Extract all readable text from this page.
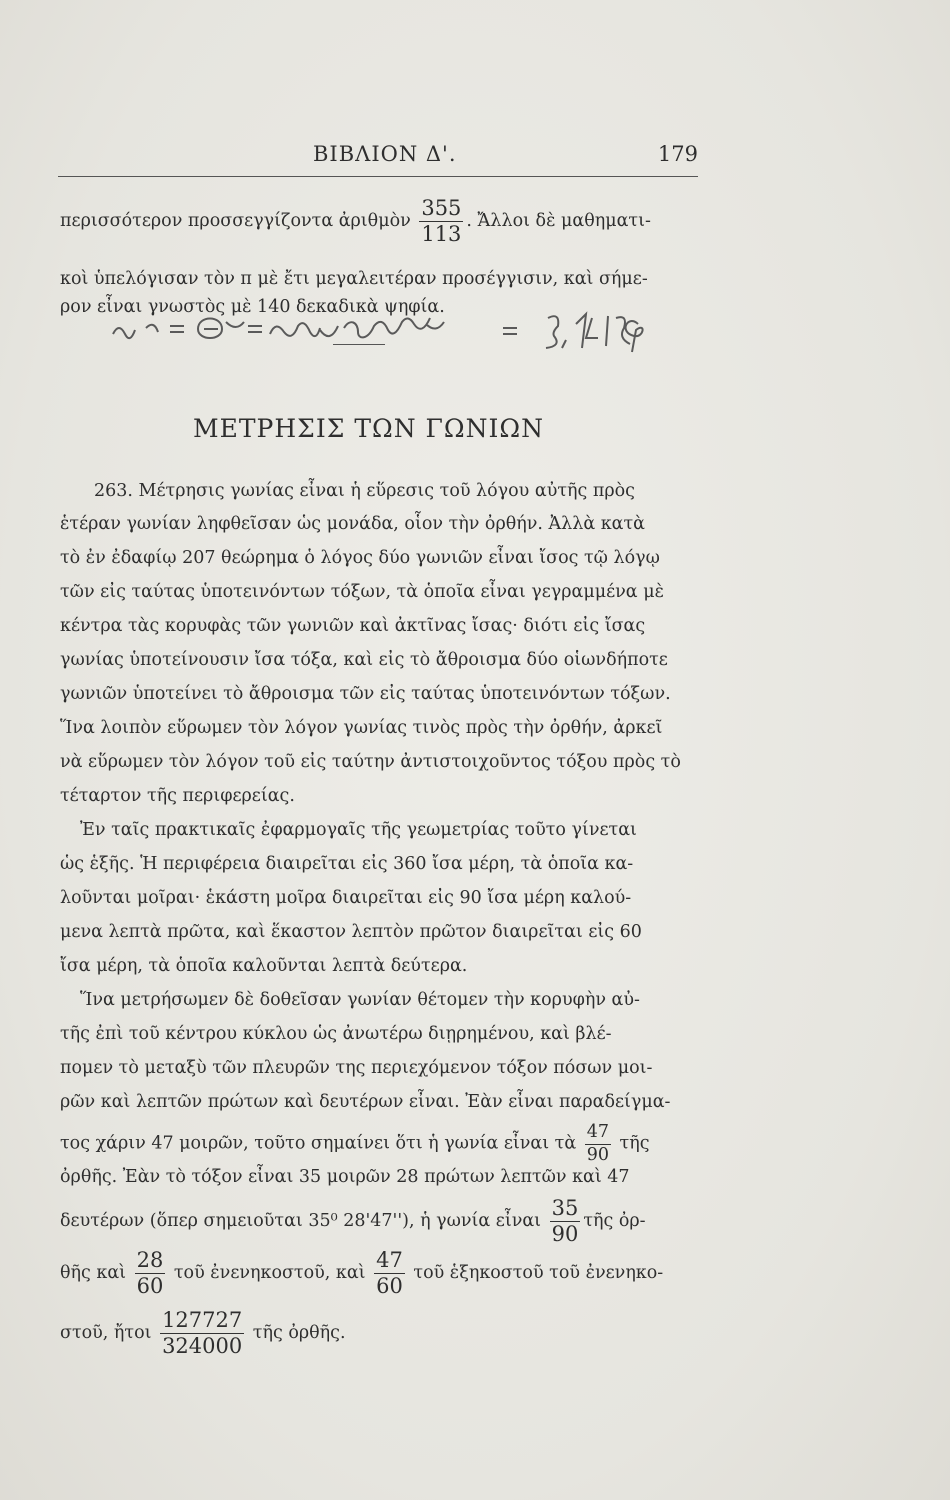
ΒΙΒΛΙΟΝ Δ'.	179
περισσότερον προσσεγγίζοντα ἀριθμὸν $\frac{355}{113}$ . Ἄλλοι δὲ μαθηματι-
κοὶ ὑπελόγισαν τὸν π μὲ ἔτι μεγαλειτέραν προσέγγισιν, καὶ σήμε-
ρον εἶναι γνωστὸς μὲ 140 δεκαδικὰ ψηφία.
ΜΕΤΡΗΣΙΣ ΤΩΝ ΓΩΝΙΩΝ
263. Μέτρησις γωνίας εἶναι ἡ εὕρεσις τοῦ λόγου αὐτῆς πρὸς
ἑτέραν γωνίαν ληφθεῖσαν ὡς μονάδα, οἷον τὴν ὀρθήν. Ἀλλὰ κατὰ
τὸ ἐν ἐδαφίῳ 207 θεώρημα ὁ λόγος δύο γωνιῶν εἶναι ἴσος τῷ λόγῳ
τῶν εἰς ταύτας ὑποτεινόντων τόξων, τὰ ὁποῖα εἶναι γεγραμμένα μὲ
κέντρα τὰς κορυφὰς τῶν γωνιῶν καὶ ἀκτῖνας ἴσας· διότι εἰς ἴσας
γωνίας ὑποτείνουσιν ἴσα τόξα, καὶ εἰς τὸ ἄθροισμα δύο οἱωνδήποτε
γωνιῶν ὑποτείνει τὸ ἄθροισμα τῶν εἰς ταύτας ὑποτεινόντων τόξων.
Ἵνα λοιπὸν εὕρωμεν τὸν λόγον γωνίας τινὸς πρὸς τὴν ὀρθήν, ἀρκεῖ
νὰ εὕρωμεν τὸν λόγον τοῦ εἰς ταύτην ἀντιστοιχοῦντος τόξου πρὸς τὸ
τέταρτον τῆς περιφερείας.
Ἐν ταῖς πρακτικαῖς ἐφαρμογαῖς τῆς γεωμετρίας τοῦτο γίνεται
ὡς ἑξῆς. Ἡ περιφέρεια διαιρεῖται εἰς 360 ἴσα μέρη, τὰ ὁποῖα κα-
λοῦνται μοῖραι· ἑκάστη μοῖρα διαιρεῖται εἰς 90 ἴσα μέρη καλού-
μενα λεπτὰ πρῶτα, καὶ ἕκαστον λεπτὸν πρῶτον διαιρεῖται εἰς 60
ἴσα μέρη, τὰ ὁποῖα καλοῦνται λεπτὰ δεύτερα.
Ἵνα μετρήσωμεν δὲ δοθεῖσαν γωνίαν θέτομεν τὴν κορυφὴν αὐ-
τῆς ἐπὶ τοῦ κέντρου κύκλου ὡς ἀνωτέρω διῃρημένου, καὶ βλέ-
πομεν τὸ μεταξὺ τῶν πλευρῶν της περιεχόμενον τόξον πόσων μοι-
ρῶν καὶ λεπτῶν πρώτων καὶ δευτέρων εἶναι. Ἐὰν εἶναι παραδείγμα-
τος χάριν 47 μοιρῶν, τοῦτο σημαίνει ὅτι ἡ γωνία εἶναι τὰ $\frac{47}{90}$ τῆς
ὀρθῆς. Ἐὰν τὸ τόξον εἶναι 35 μοιρῶν 28 πρώτων λεπτῶν καὶ 47
δευτέρων (ὅπερ σημειοῦται 35⁰ 28'47''), ἡ γωνία εἶναι $\frac{35}{90}$ τῆς ὀρ-
θῆς καὶ $\frac{28}{60}$ τοῦ ἐνενηκοστοῦ, καὶ $\frac{47}{60}$ τοῦ ἑξηκοστοῦ τοῦ ἐνενηκο-
στοῦ, ἤτοι $\frac{127727}{324000}$ τῆς ὀρθῆς.
